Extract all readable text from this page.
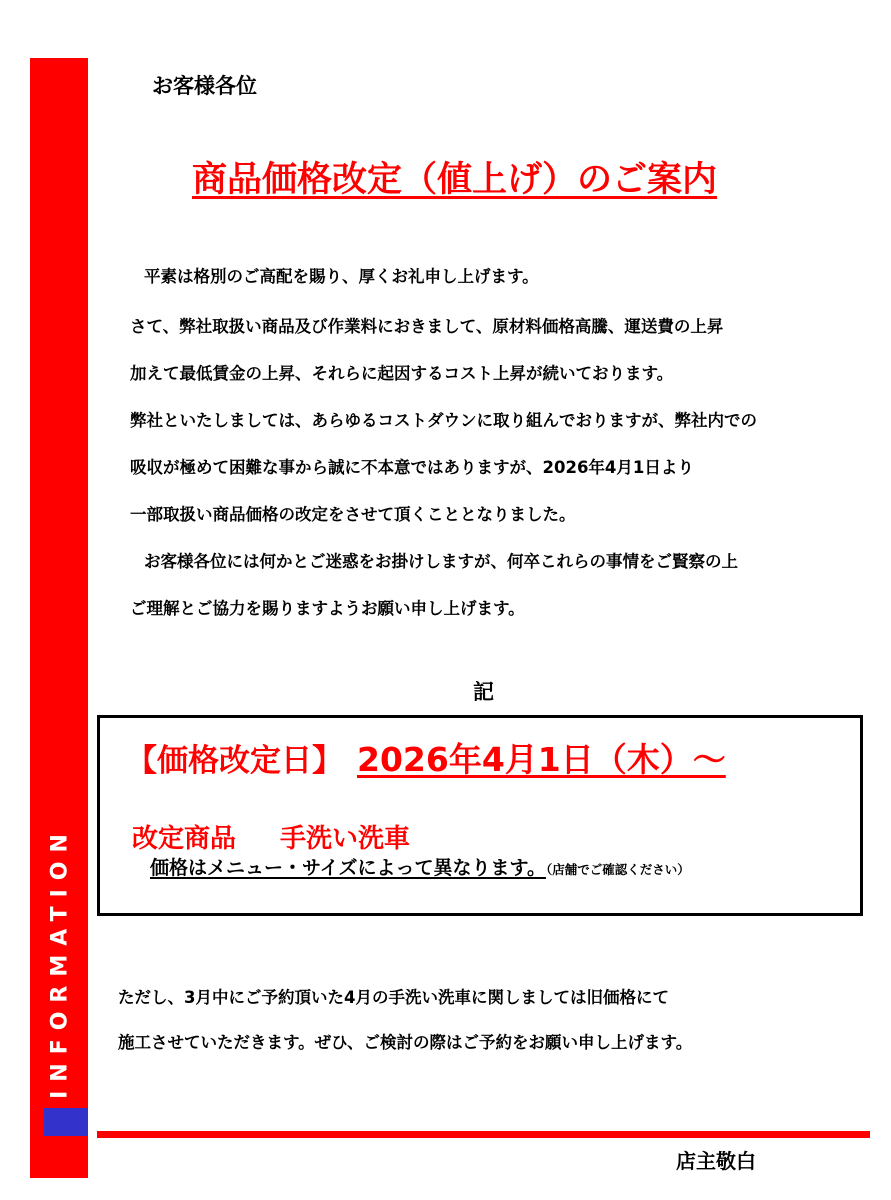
INFORMATION
お客様各位
商品価格改定（値上げ）のご案内
平素は格別のご高配を賜り、厚くお礼申し上げます。
さて、弊社取扱い商品及び作業料におきまして、原材料価格高騰、運送費の上昇
加えて最低賃金の上昇、それらに起因するコスト上昇が続いております。
弊社といたしましては、あらゆるコストダウンに取り組んでおりますが、弊社内での
吸収が極めて困難な事から誠に不本意ではありますが、2026年4月1日より
一部取扱い商品価格の改定をさせて頂くこととなりました。
お客様各位には何かとご迷惑をお掛けしますが、何卒これらの事情をご賢察の上
ご理解とご協力を賜りますようお願い申し上げます。
記
【価格改定日】 2026年4月1日（木）～
改定商品 手洗い洗車
価格はメニュー・サイズによって異なります。（店舗でご確認ください）
ただし、3月中にご予約頂いた4月の手洗い洗車に関しましては旧価格にて
施工させていただきます。ぜひ、ご検討の際はご予約をお願い申し上げます。
店主敬白
